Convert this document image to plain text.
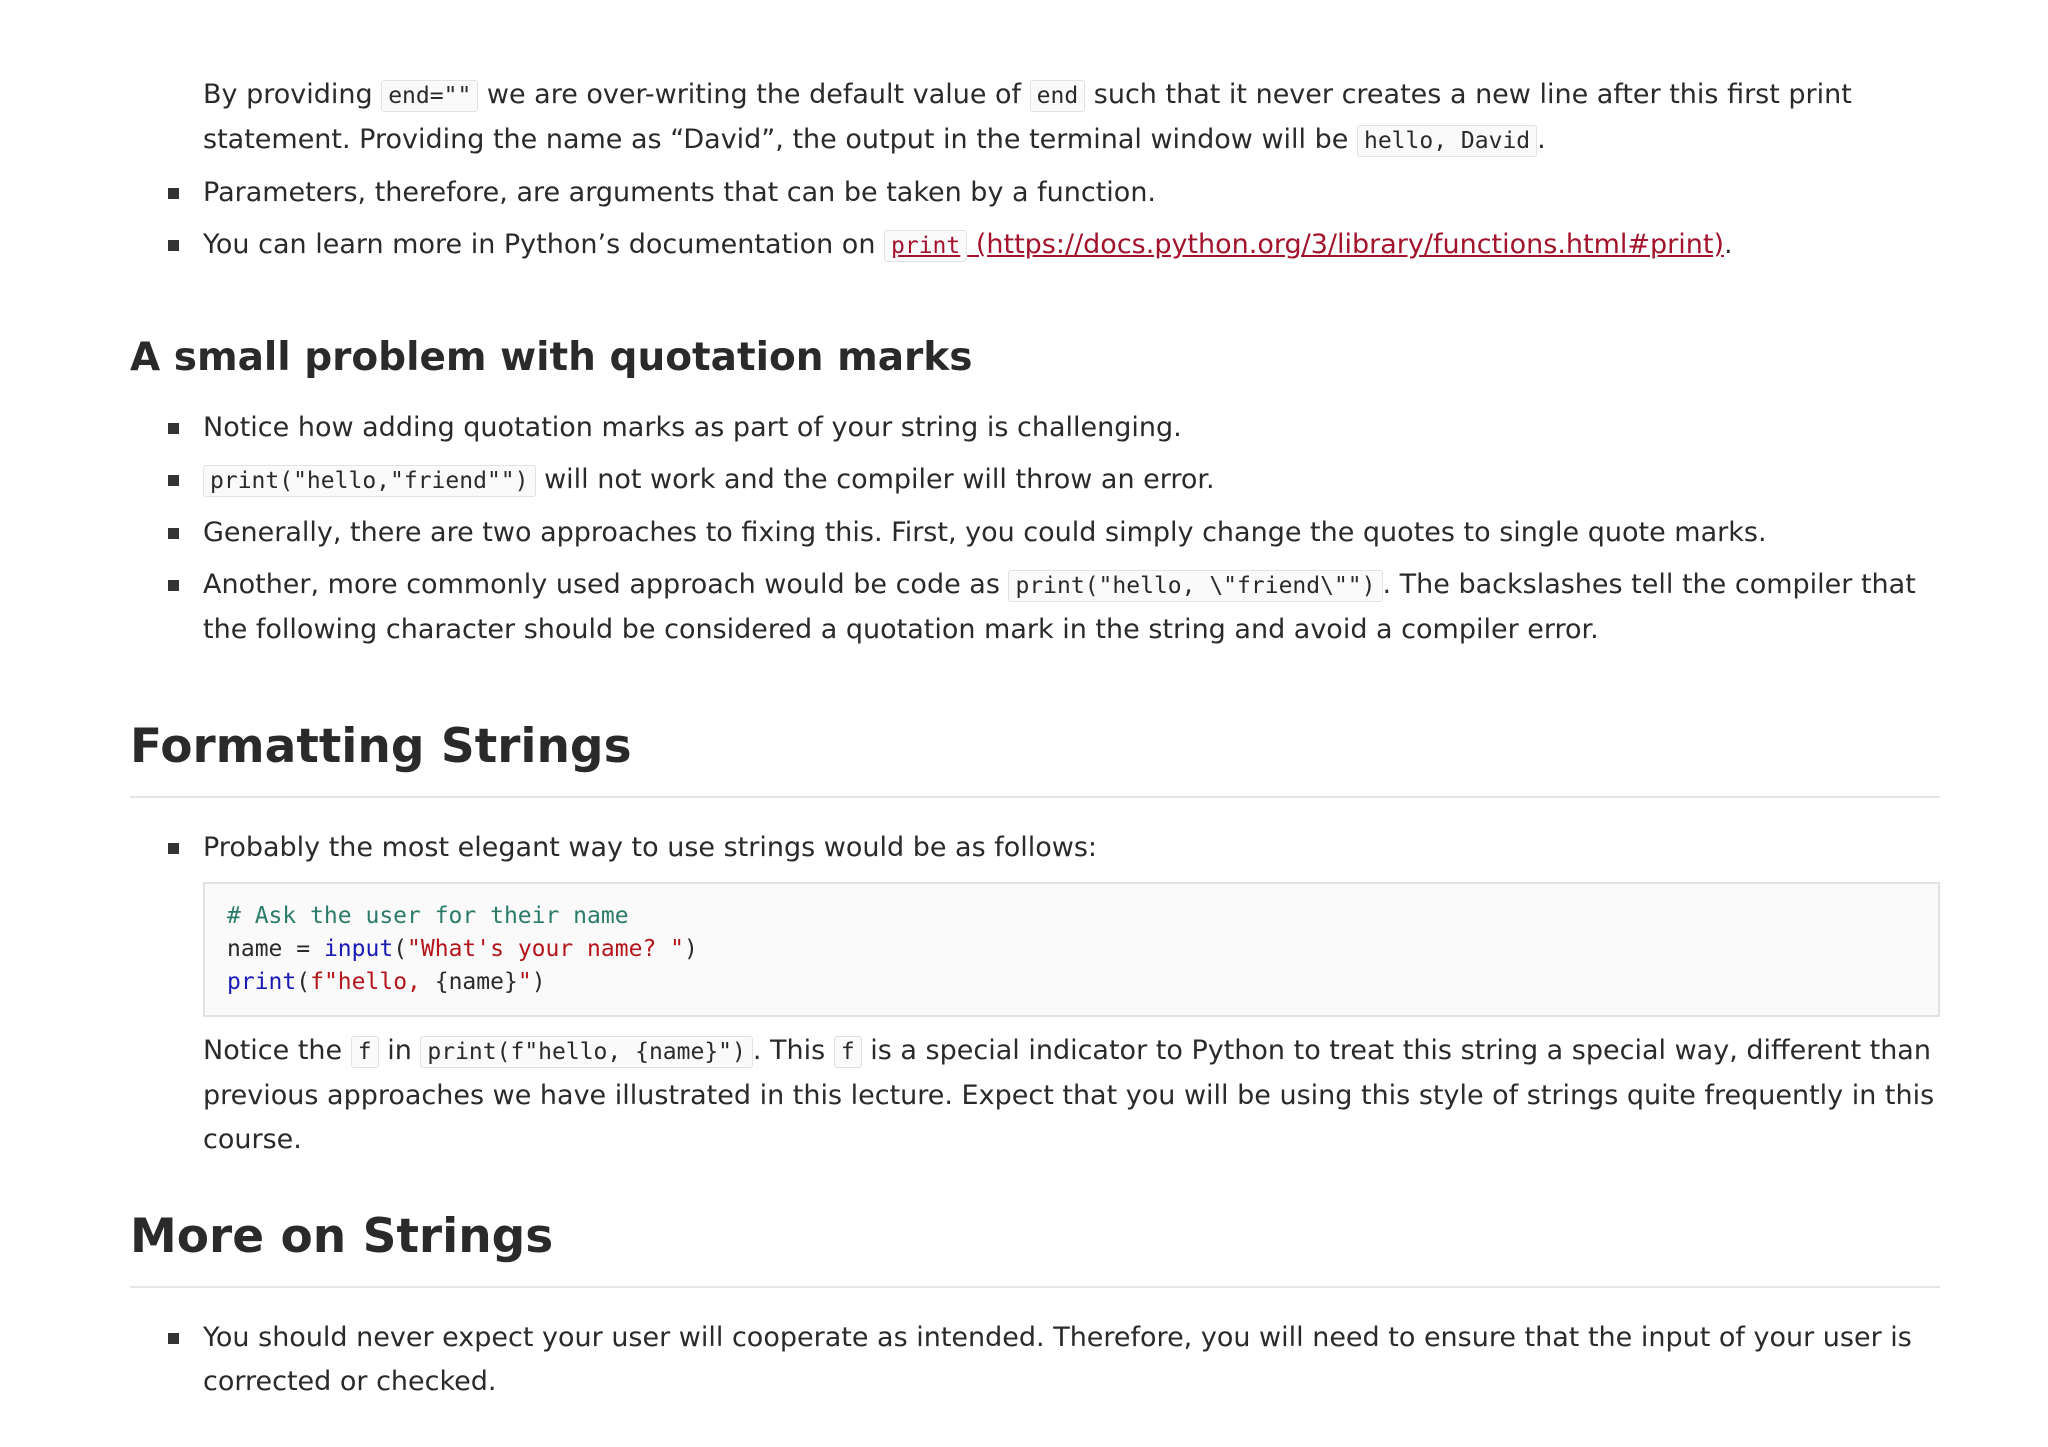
By providing end="" we are over-writing the default value of end such that it never creates a new line after this first print statement. Providing the name as “David”, the output in the terminal window will be hello, David .

Parameters, therefore, are arguments that can be taken by a function.
You can learn more in Python’s documentation on print (https://docs.python.org/3/library/functions.html#print).
A small problem with quotation marks
Notice how adding quotation marks as part of your string is challenging.
print("hello,"friend"") will not work and the compiler will throw an error.
Generally, there are two approaches to fixing this. First, you could simply change the quotes to single quote marks.
Another, more commonly used approach would be code as print("hello, \"friend\"") . The backslashes tell the compiler that the following character should be considered a quotation mark in the string and avoid a compiler error.
Formatting Strings
Probably the most elegant way to use strings would be as follows:
# Ask the user for their name
name = input("What's your name? ")
print(f"hello, {name}")

Notice the f in print(f"hello, {name}") . This f is a special indicator to Python to treat this string a special way, different than previous approaches we have illustrated in this lecture. Expect that you will be using this style of strings quite frequently in this course.

More on Strings
You should never expect your user will cooperate as intended. Therefore, you will need to ensure that the input of your user is corrected or checked.
